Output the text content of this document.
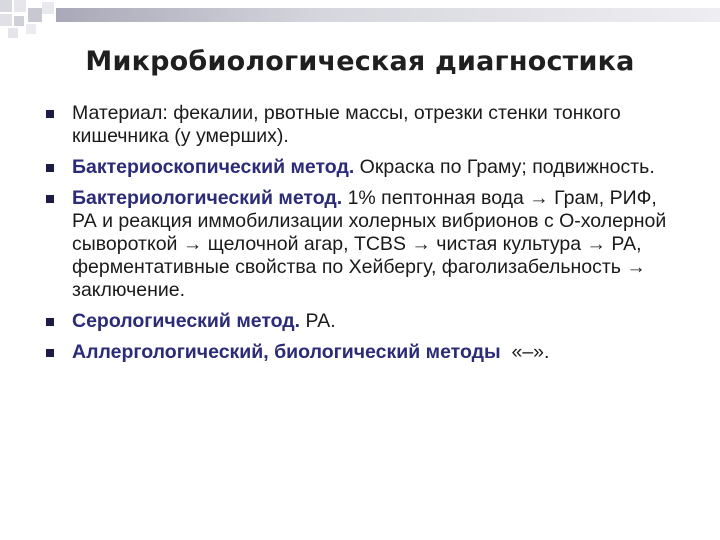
Микробиологическая диагностика
Материал: фекалии, рвотные массы, отрезки стенки тонкого кишечника (у умерших).
Бактериоскопический метод. Окраска по Граму; подвижность.
Бактериологический метод. 1% пептонная вода → Грам, РИФ, РА и реакция иммобилизации холерных вибрионов с О-холерной сывороткой → щелочной агар, TCBS → чистая культура → РА, ферментативные свойства по Хейбергу, фаголизабельность → заключение.
Серологический метод. РА.
Аллергологический, биологический методы  «–».
